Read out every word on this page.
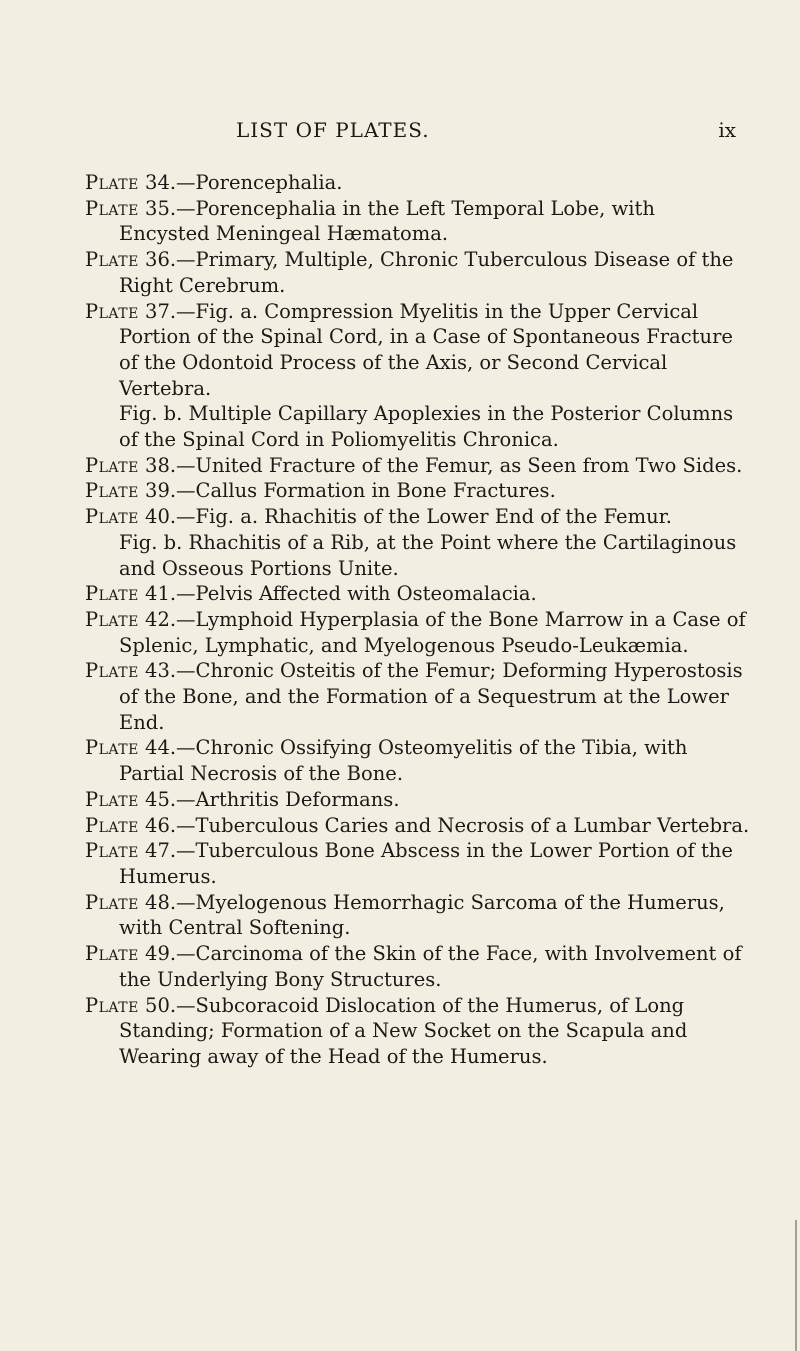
LIST OF PLATES.	ix

Plate 34.—Porencephalia.

Plate 35.—Porencephalia in the Left Temporal Lobe, with Encysted Meningeal Hæmatoma.

Plate 36.—Primary, Multiple, Chronic Tuberculous Disease of the Right Cerebrum.

Plate 37.—Fig. a. Compression Myelitis in the Upper Cervical Portion of the Spinal Cord, in a Case of Spontaneous Fracture of the Odontoid Process of the Axis, or Second Cervical Vertebra.

Fig. b. Multiple Capillary Apoplexies in the Posterior Columns of the Spinal Cord in Poliomyelitis Chronica.

Plate 38.—United Fracture of the Femur, as Seen from Two Sides.

Plate 39.—Callus Formation in Bone Fractures.

Plate 40.—Fig. a. Rhachitis of the Lower End of the Femur.

Fig. b. Rhachitis of a Rib, at the Point where the Cartilaginous and Osseous Portions Unite.

Plate 41.—Pelvis Affected with Osteomalacia.

Plate 42.—Lymphoid Hyperplasia of the Bone Marrow in a Case of Splenic, Lymphatic, and Myelogenous Pseudo-Leukæmia.

Plate 43.—Chronic Osteitis of the Femur; Deforming Hyperostosis of the Bone, and the Formation of a Sequestrum at the Lower End.

Plate 44.—Chronic Ossifying Osteomyelitis of the Tibia, with Partial Necrosis of the Bone.

Plate 45.—Arthritis Deformans.

Plate 46.—Tuberculous Caries and Necrosis of a Lumbar Vertebra.

Plate 47.—Tuberculous Bone Abscess in the Lower Portion of the Humerus.

Plate 48.—Myelogenous Hemorrhagic Sarcoma of the Humerus, with Central Softening.

Plate 49.—Carcinoma of the Skin of the Face, with Involvement of the Underlying Bony Structures.

Plate 50.—Subcoracoid Dislocation of the Humerus, of Long Standing; Formation of a New Socket on the Scapula and Wearing away of the Head of the Humerus.
